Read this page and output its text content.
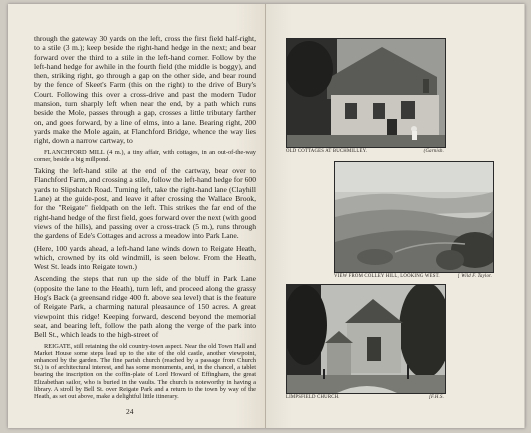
through the gateway 30 yards on the left, cross the first field half-right, to a stile (3 m.); keep beside the right-hand hedge in the next; and bear forward over the third to a stile in the left-hand corner. Follow by the left-hand hedge for awhile in the fourth field (the middle is boggy), and then, striking right, go through a gap on the other side, and bear round by the fence of Skeet's Farm (this on the right) to the drive of Bury's Court. Following this over a cross-drive and past the modern Tudor mansion, turn sharply left when near the end, by a path which runs beside the Mole, passes through a gap, crosses a little tributary farther on, and goes forward, by a line of elms, into a lane. Bearing right, 200 yards make the Mole again, at Flanchford Bridge, whence the way lies right, down a narrow cartway, to

FLANCHFORD MILL (4 m.), a tiny affair, with cottages, in an out-of-the-way corner, beside a big millpond.

Taking the left-hand stile at the end of the cartway, bear over to Flanchford Farm, and crossing a stile, follow the left-hand hedge for 600 yards to Slipshatch Road. Turning left, take the right-hand lane (Clayhill Lane) at the guide-post, and leave it after crossing the Wallace Brook, for the "Reigate" fieldpath on the left. This strikes the far end of the right-hand hedge of the first field, goes forward over the next (with good views of the hills), and passing over a cross-track (5 m.), runs through the gardens of Ede's Cottages and across a meadow into Park Lane.

(Here, 100 yards ahead, a left-hand lane winds down to Reigate Heath, which, crowned by its old windmill, is seen below. From the Heath, West St. leads into Reigate town.)

Ascending the steps that run up the side of the bluff in Park Lane (opposite the lane to the Heath), turn left, and proceed along the grassy Hog's Back (a greensand ridge 400 ft. above sea level) that is the feature of Reigate Park, a charming natural pleasaunce of 150 acres. A great viewpoint this ridge! Keeping forward, descend beyond the memorial seat, and bearing left, follow the path along the verge of the park into Bell St., which leads to the high-street of

REIGATE, still retaining the old country-town aspect. Near the old Town Hall and Market House some steps lead up to the site of the old castle, another viewpoint, enhanced by the garden. The fine parish church (reached by a passage from Church St.) is of architectural interest, and has some monuments, and, in the chancel, a tablet bearing the inscription on the coffin-plate of Lord Howard of Effingham, the great Elizabethan sailor, who is buried in the vaults. The church is noteworthy in having a library. A stroll by Bell St. over Reigate Park and a return to the town by way of the Heath, as set out above, make a delightful little itinerary.

24
OLD COTTAGES AT BUCHMILLEY.	(Garnish.
VIEW FROM COLLEY HILL, LOOKING WEST.	[ Wild F. Taylor.
LIMPSFIELD CHURCH.	[F.H.S.
